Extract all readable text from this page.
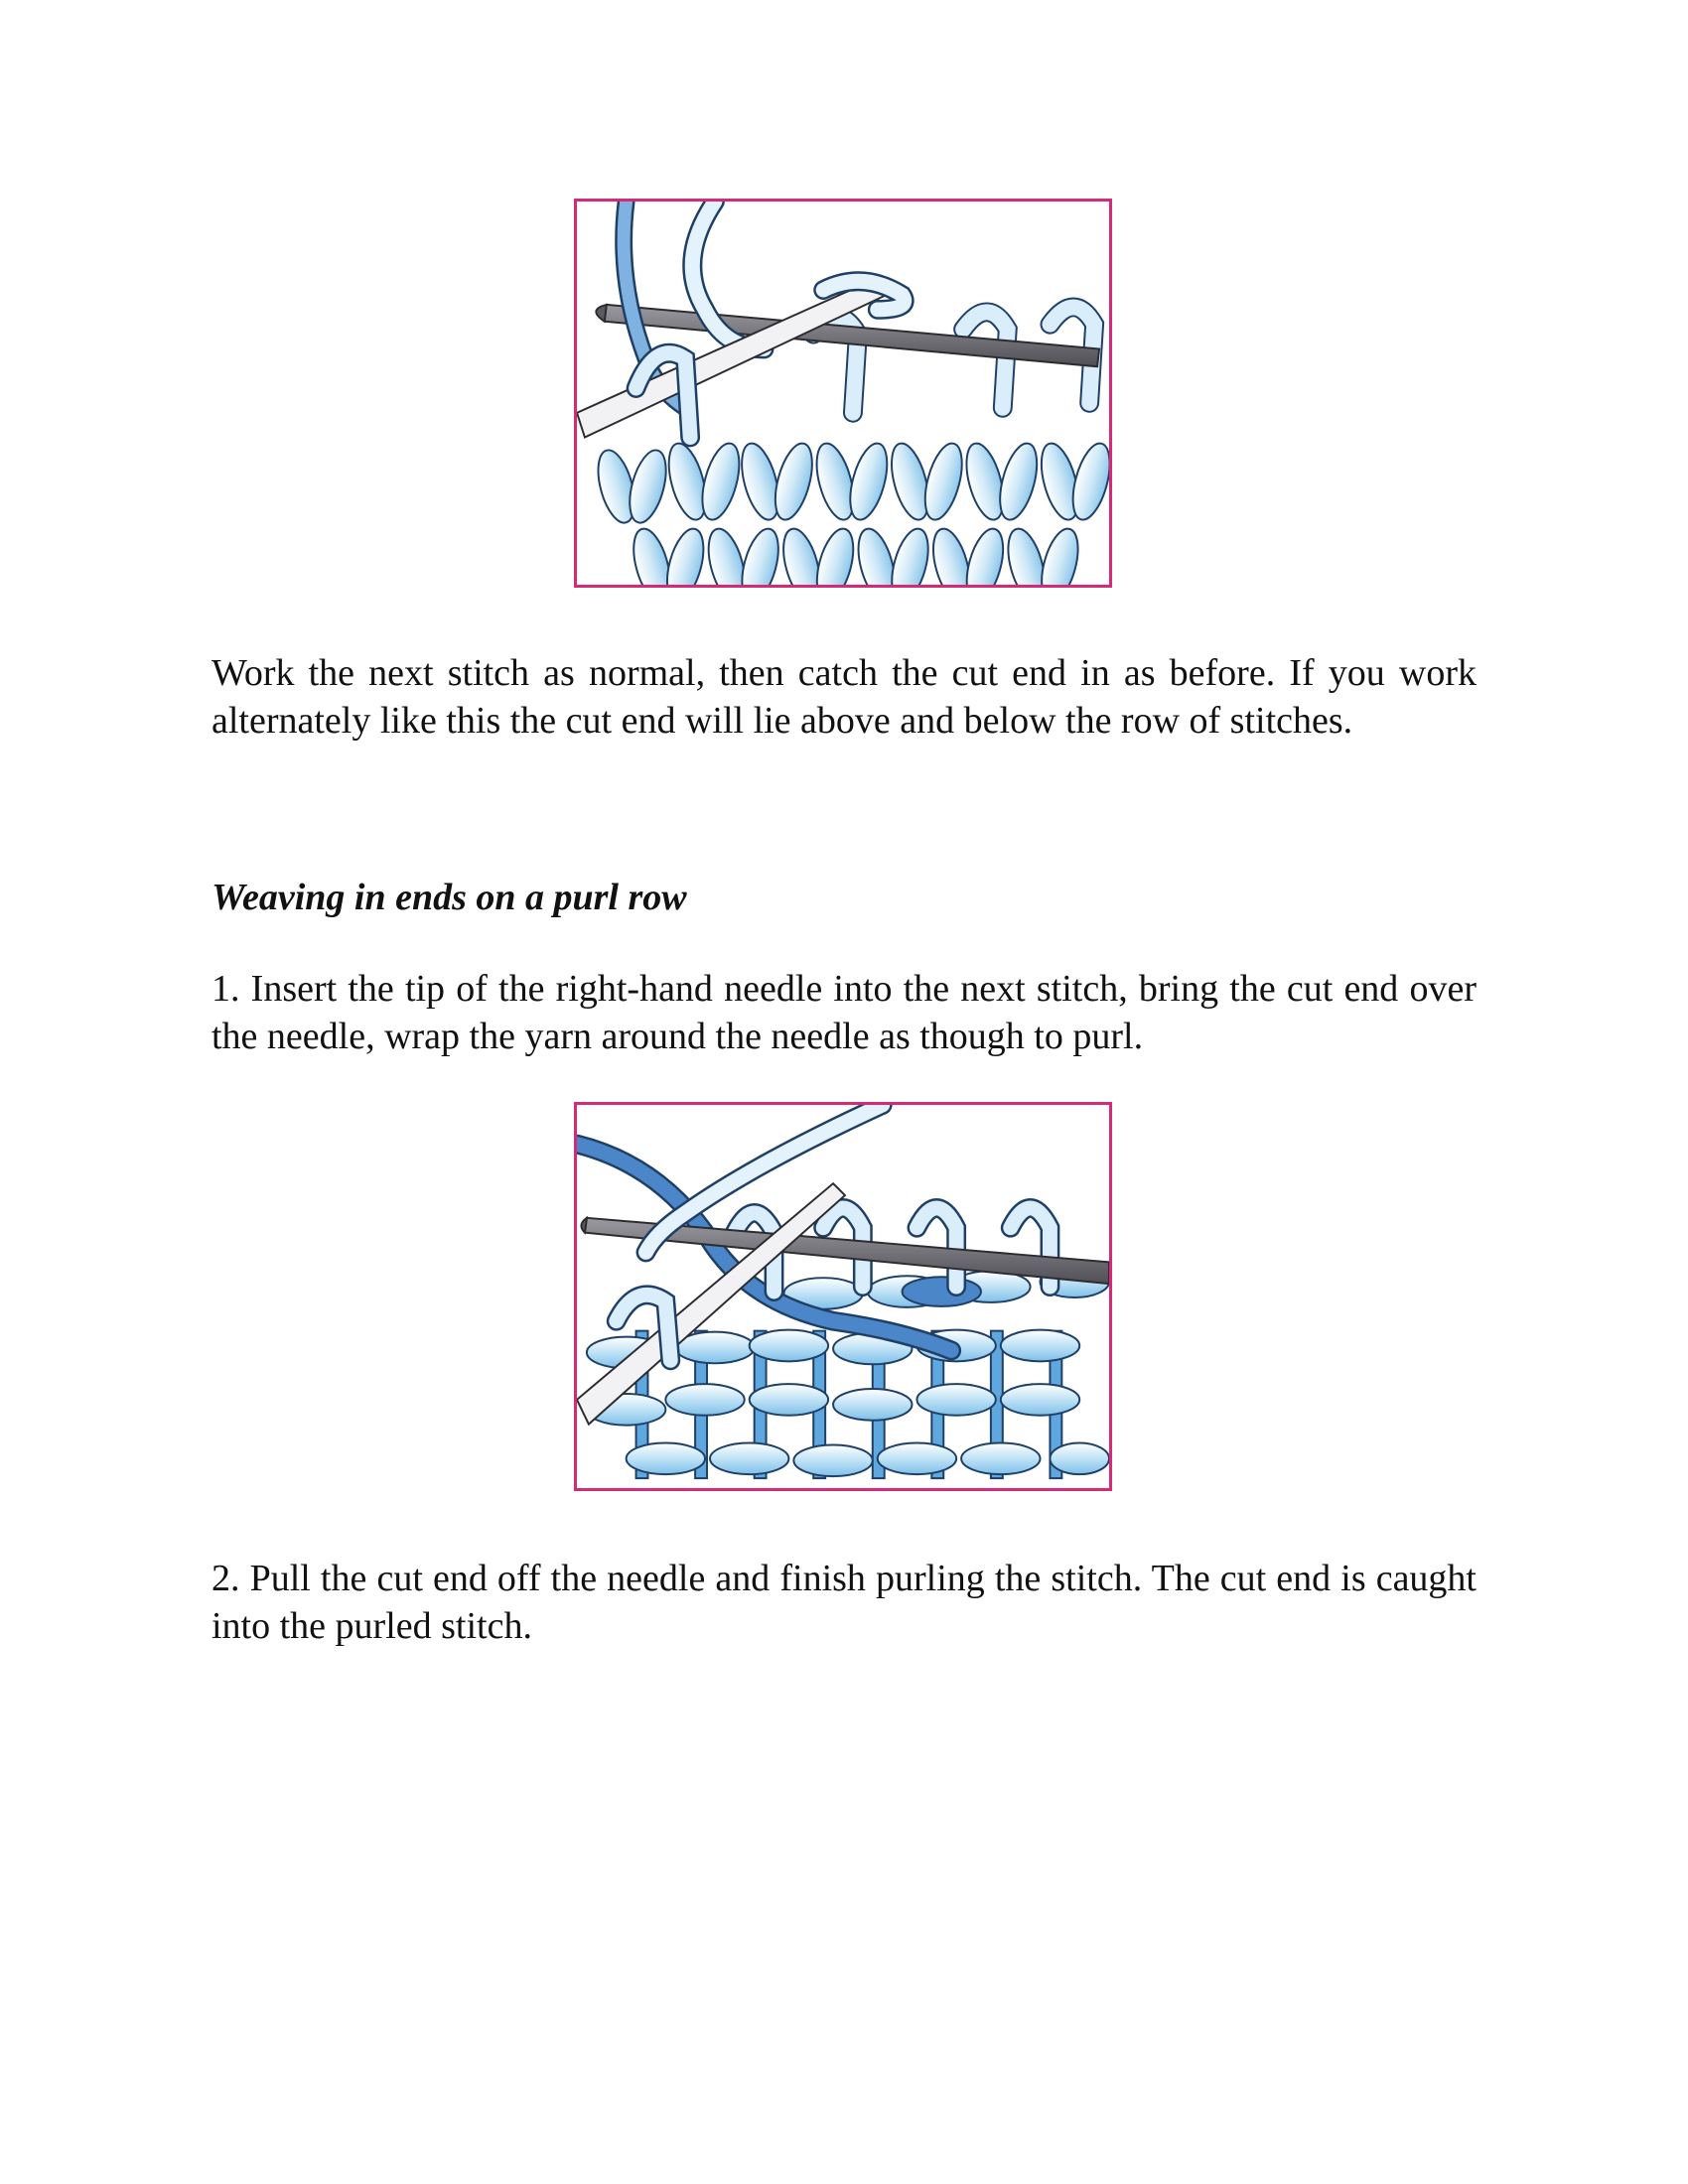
Work the next stitch as normal, then catch the cut end in as before. If you work alternately like this the cut end will lie above and below the row of stitches.

Weaving in ends on a purl row

1. Insert the tip of the right-hand needle into the next stitch, bring the cut end over the needle, wrap the yarn around the needle as though to purl.

2. Pull the cut end off the needle and finish purling the stitch. The cut end is caught into the purled stitch.
